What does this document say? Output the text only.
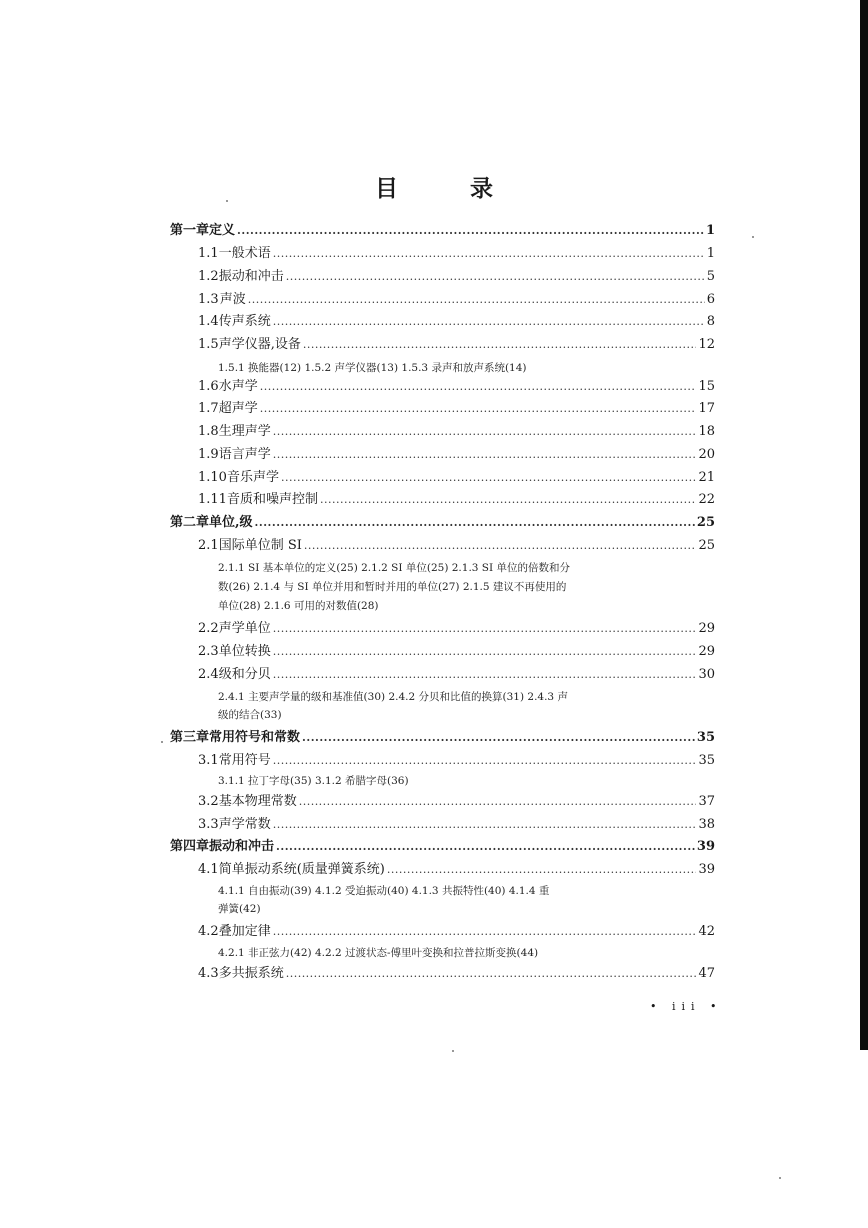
目 录
第一章 定义 .....	1
1.1 一般术语 .....	1
1.2 振动和冲击 .....	5
1.3 声波 .....	6
1.4 传声系统 .....	8
1.5 声学仪器,设备 .....	12
1.5.1 换能器(12) 1.5.2 声学仪器(13) 1.5.3 录声和放声系统(14)
1.6 水声学 .....	15
1.7 超声学 .....	17
1.8 生理声学 .....	18
1.9 语言声学 .....	20
1.10 音乐声学 .....	21
1.11 音质和噪声控制 .....	22
第二章 单位,级 .....	25
2.1 国际单位制 SI .....	25
2.1.1 SI 基本单位的定义(25) 2.1.2 SI 单位(25) 2.1.3 SI 单位的倍数和分
数(26) 2.1.4 与 SI 单位并用和暂时并用的单位(27) 2.1.5 建议不再使用的
单位(28) 2.1.6 可用的对数值(28)
2.2 声学单位 .....	29
2.3 单位转换 .....	29
2.4 级和分贝 .....	30
2.4.1 主要声学量的级和基准值(30) 2.4.2 分贝和比值的换算(31) 2.4.3 声
级的结合(33)
第三章 常用符号和常数 .....	35
3.1 常用符号 .....	35
3.1.1 拉丁字母(35) 3.1.2 希腊字母(36)
3.2 基本物理常数 .....	37
3.3 声学常数 .....	38
第四章 振动和冲击 .....	39
4.1 简单振动系统(质量弹簧系统) .....	39
4.1.1 自由振动(39) 4.1.2 受迫振动(40) 4.1.3 共振特性(40) 4.1.4 重
弹簧(42)
4.2 叠加定律 .....	42
4.2.1 非正弦力(42) 4.2.2 过渡状态-傅里叶变换和拉普拉斯变换(44)
4.3 多共振系统 .....	47
• iii •
